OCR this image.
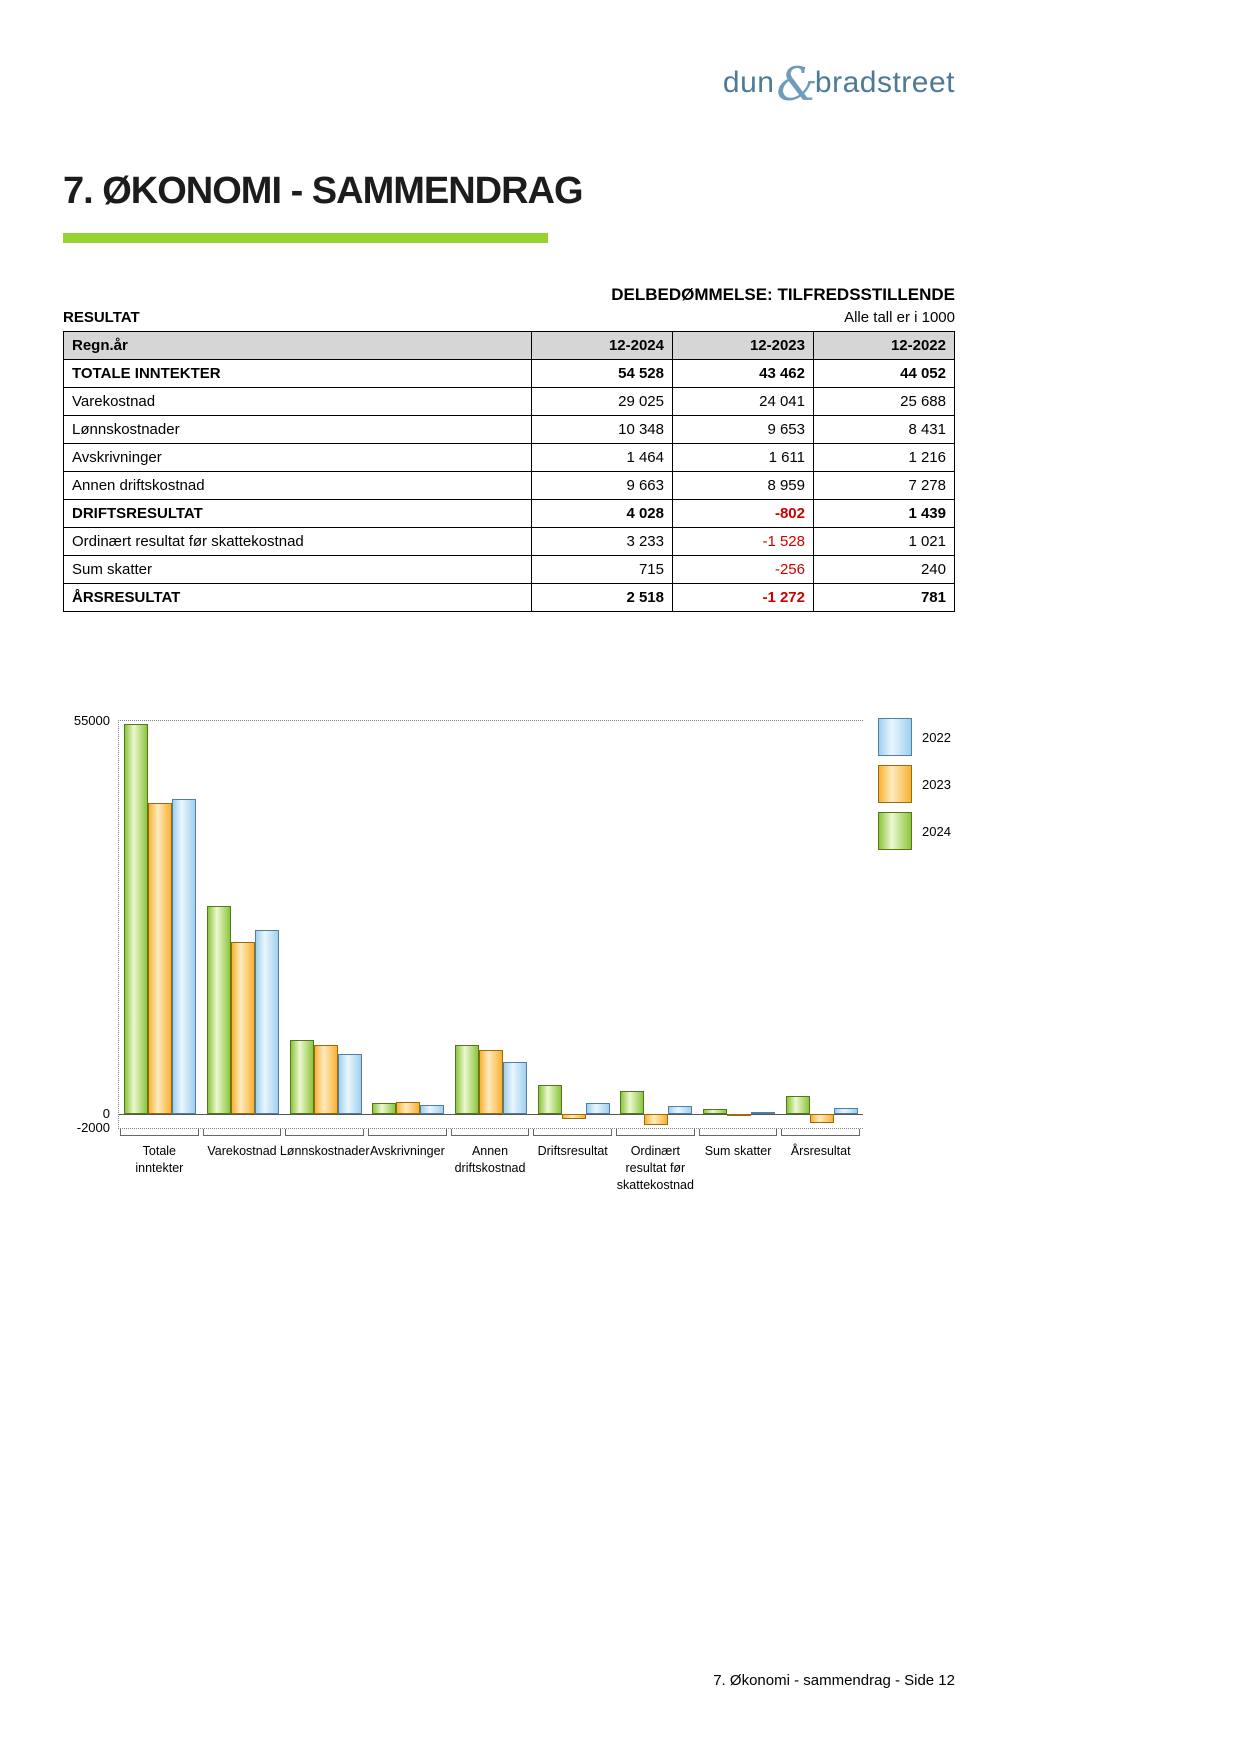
dun&bradstreet
7. ØKONOMI - SAMMENDRAG
DELBEDØMMELSE: TILFREDSSTILLENDE
RESULTAT	Alle tall er i 1000
Regn.år	12-2024	12-2023	12-2022
TOTALE INNTEKTER	54 528	43 462	44 052
Varekostnad	29 025	24 041	25 688
Lønnskostnader	10 348	9 653	8 431
Avskrivninger	1 464	1 611	1 216
Annen driftskostnad	9 663	8 959	7 278
DRIFTSRESULTAT	4 028	-802	1 439
Ordinært resultat før skattekostnad	3 233	-1 528	1 021
Sum skatter	715	-256	240
ÅRSRESULTAT	2 518	-1 272	781
Totale inntekter
Varekostnad Lønnskostnader Avskrivninger	Annen driftskostnad
Driftsresultat	Ordinært resultat før skattekostnad
Sum skatter	Årsresultat
55000
0
-2000
2022
2023
2024
7. Økonomi - sammendrag - Side 12
